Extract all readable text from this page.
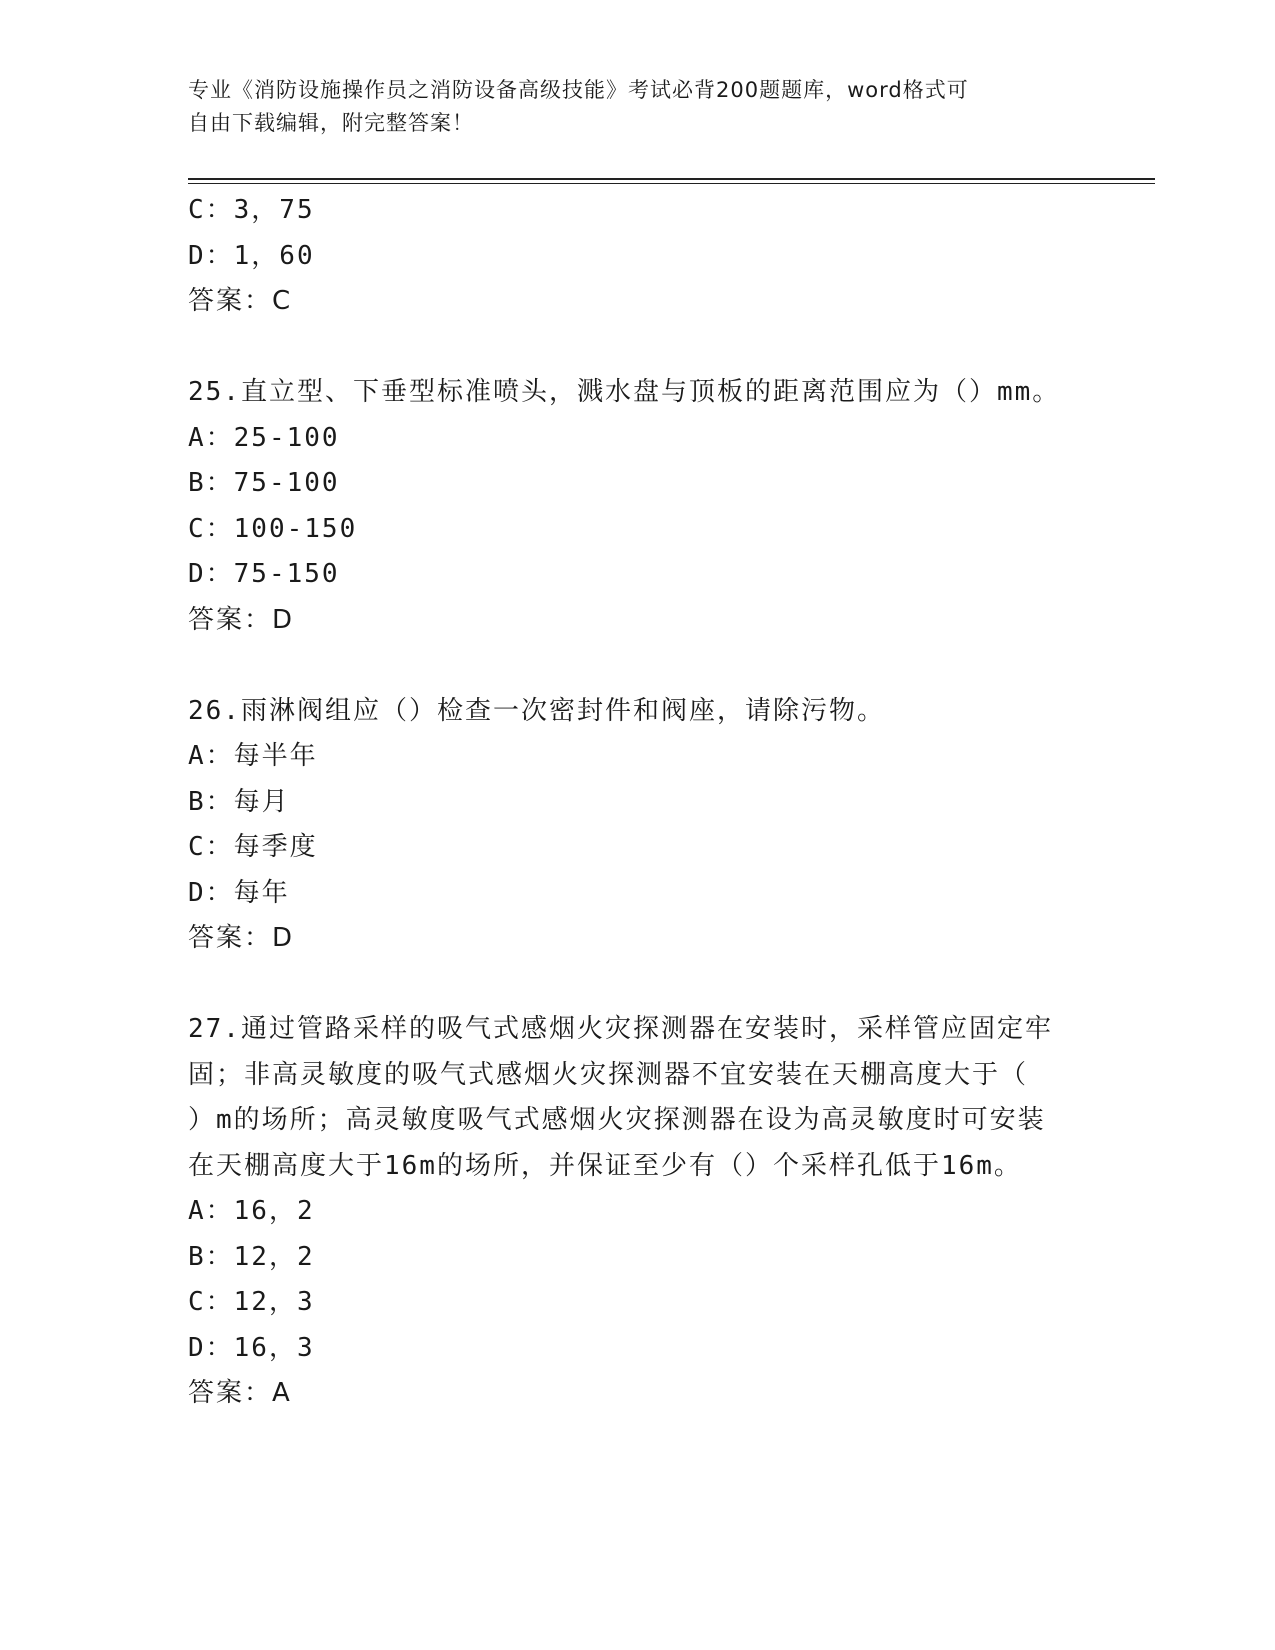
专业《消防设施操作员之消防设备高级技能》考试必背200题题库，word格式可
自由下载编辑，附完整答案！
C：3，75
D：1，60
答案：C
25.直立型、下垂型标准喷头，溅水盘与顶板的距离范围应为（）mm。
A：25-100
B：75-100
C：100-150
D：75-150
答案：D
26.雨淋阀组应（）检查一次密封件和阀座，请除污物。
A：每半年
B：每月
C：每季度
D：每年
答案：D
27.通过管路采样的吸气式感烟火灾探测器在安装时，采样管应固定牢
固；非高灵敏度的吸气式感烟火灾探测器不宜安装在天棚高度大于（
）m的场所；高灵敏度吸气式感烟火灾探测器在设为高灵敏度时可安装
在天棚高度大于16m的场所，并保证至少有（）个采样孔低于16m。
A：16，2
B：12，2
C：12，3
D：16，3
答案：A
